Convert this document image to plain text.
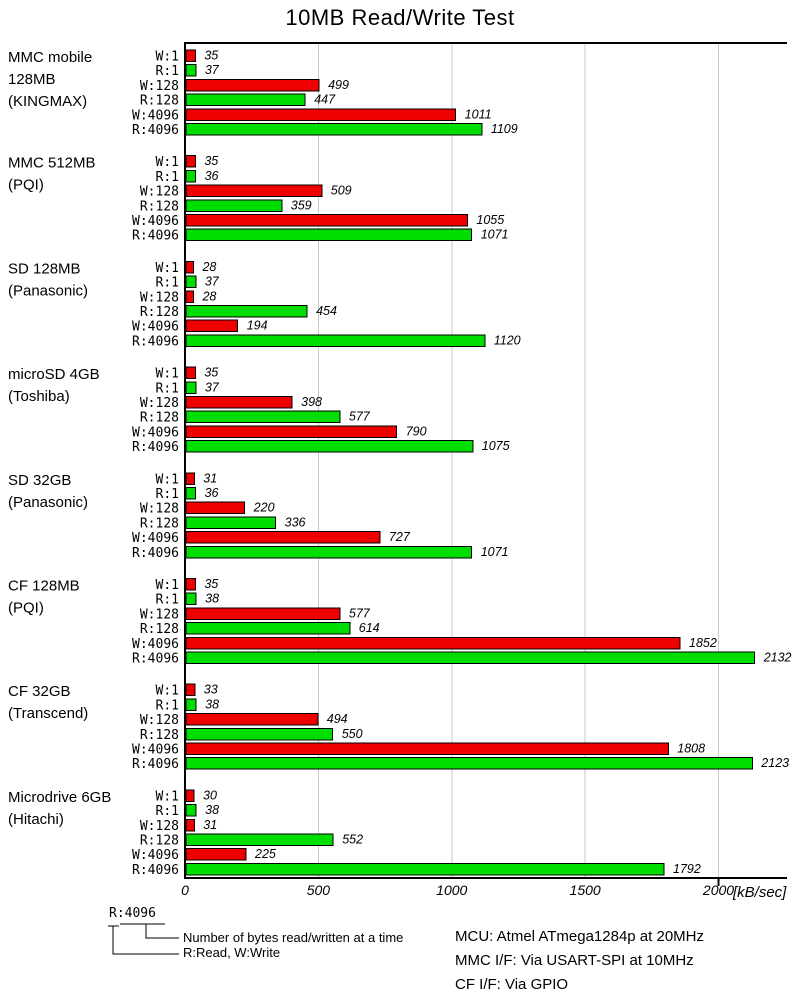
10MB Read/Write Test
0	500	1000	1500	2000
[kB/sec]
MMC mobile
128MB
(KINGMAX)
W:1 35
R:1 37
W:128	499
R:128	447
W:4096	1011
R:4096	1109
MMC 512MB
(PQI)
W:1 35
R:1 36
W:128	509
R:128	359
W:4096	1055
R:4096	1071
SD 128MB
(Panasonic)
W:1 28
R:1 37
W:128 28
R:128	454
W:4096	194
R:4096	1120
microSD 4GB
(Toshiba)
W:1 35
R:1 37
W:128	398
R:128	577
W:4096	790
R:4096	1075
SD 32GB
(Panasonic)
W:1 31
R:1 36
W:128	220
R:128	336
W:4096	727
R:4096	1071
CF 128MB
(PQI)
W:1 35
R:1 38
W:128	577
R:128	614
W:4096	1852
R:4096	2132
CF 32GB
(Transcend)
W:1 33
R:1 38
W:128	494
R:128	550
W:4096	1808
R:4096	2123
Microdrive 6GB
(Hitachi)
W:1 30
R:1 38
W:128 31
R:128	552
W:4096	225
R:4096	1792
R:4096
Number of bytes read/written at a time
R:Read, W:Write
MCU: Atmel ATmega1284p at 20MHz
MMC I/F: Via USART-SPI at 10MHz
CF I/F: Via GPIO
